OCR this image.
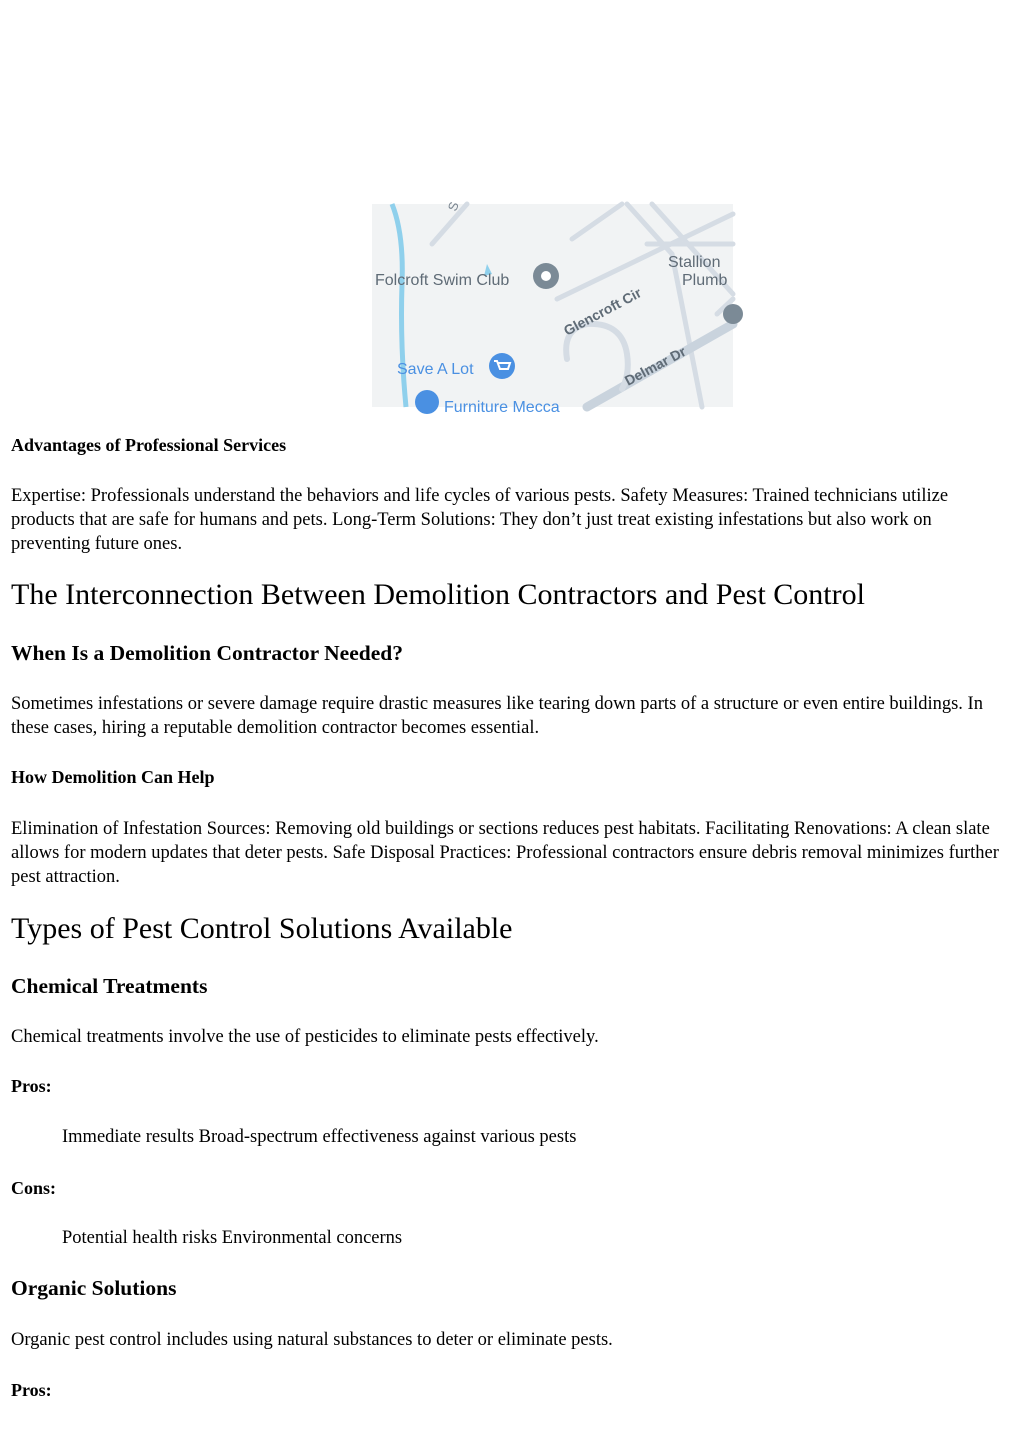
S
Folcroft Swim Club
Stallion
Plumb
Glencroft Cir
Delmar Dr
Save A Lot
Furniture Mecca
Advantages of Professional Services

Expertise: Professionals understand the behaviors and life cycles of various pests. Safety Measures: Trained technicians utilize products that are safe for humans and pets. Long-Term Solutions: They don’t just treat existing infestations but also work on preventing future ones.

The Interconnection Between Demolition Contractors and Pest Control
When Is a Demolition Contractor Needed?

Sometimes infestations or severe damage require drastic measures like tearing down parts of a structure or even entire buildings. In these cases, hiring a reputable demolition contractor becomes essential.

How Demolition Can Help

Elimination of Infestation Sources: Removing old buildings or sections reduces pest habitats. Facilitating Renovations: A clean slate allows for modern updates that deter pests. Safe Disposal Practices: Professional contractors ensure debris removal minimizes further pest attraction.

Types of Pest Control Solutions Available
Chemical Treatments

Chemical treatments involve the use of pesticides to eliminate pests effectively.

Pros:
Immediate results Broad-spectrum effectiveness against various pests
Cons:
Potential health risks Environmental concerns
Organic Solutions

Organic pest control includes using natural substances to deter or eliminate pests.

Pros:
